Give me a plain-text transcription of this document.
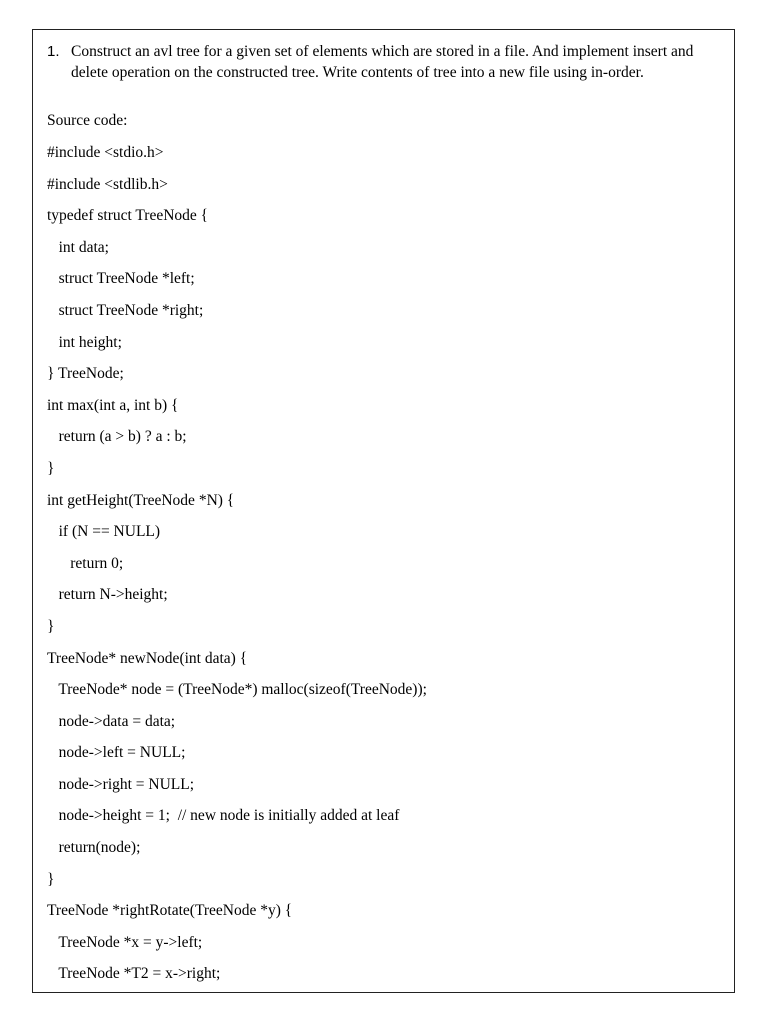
1. Construct an avl tree for a given set of elements which are stored in a file. And implement insert and delete operation on the constructed tree. Write contents of tree into a new file using in-order.
Source code:
#include <stdio.h>
#include <stdlib.h>
typedef struct TreeNode {
int data;
struct TreeNode *left;
struct TreeNode *right;
int height;
} TreeNode;
int max(int a, int b) {
return (a > b) ? a : b;
}
int getHeight(TreeNode *N) {
if (N == NULL)
return 0;
return N->height;
}
TreeNode* newNode(int data) {
TreeNode* node = (TreeNode*) malloc(sizeof(TreeNode));
node->data = data;
node->left = NULL;
node->right = NULL;
node->height = 1;  // new node is initially added at leaf
return(node);
}
TreeNode *rightRotate(TreeNode *y) {
TreeNode *x = y->left;
TreeNode *T2 = x->right;
